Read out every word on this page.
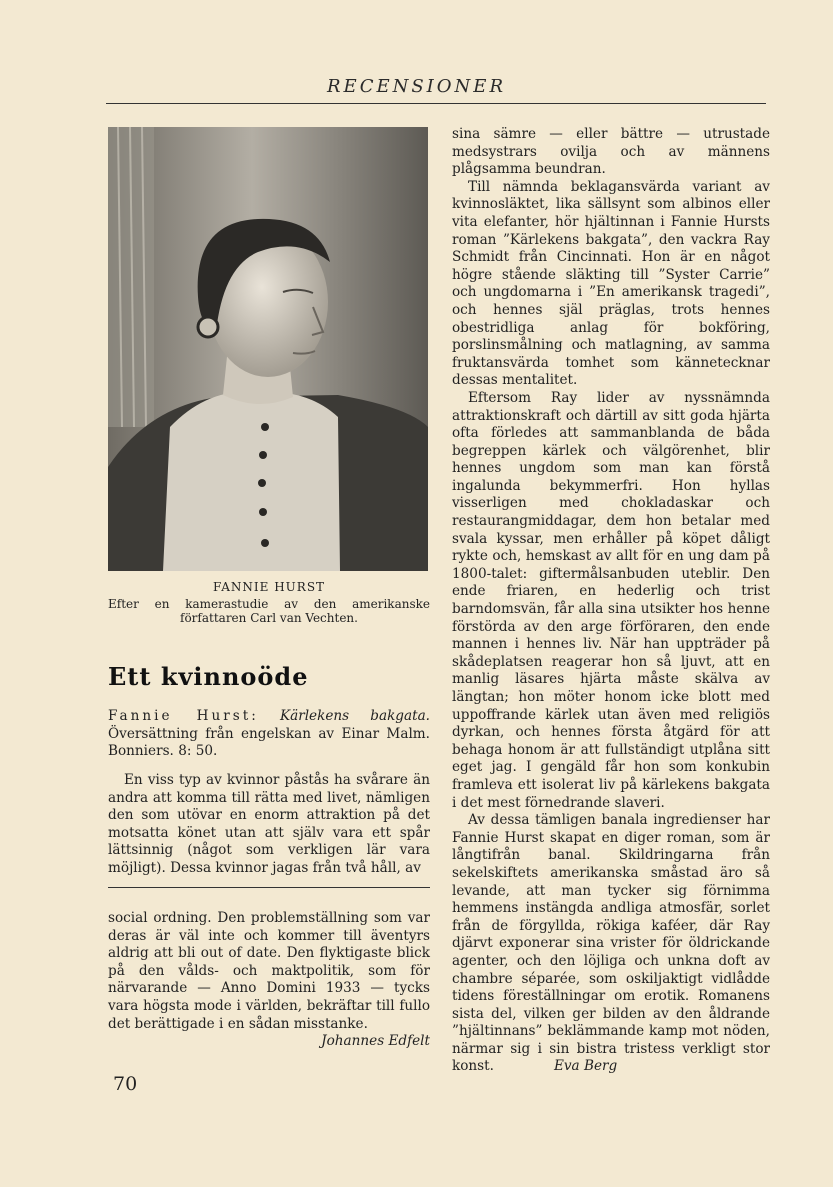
RECENSIONER
FANNIE HURST
Efter en kamerastudie av den amerikanske författaren Carl van Vechten.
Ett kvinnoöde
Fannie Hurst: Kärlekens bakgata. Översättning från engelskan av Einar Malm. Bonniers. 8: 50.

En viss typ av kvinnor påstås ha svårare än andra att komma till rätta med livet, nämligen den som utövar en enorm attraktion på det motsatta könet utan att själv vara ett spår lättsinnig (något som verkligen lär vara möjligt). Dessa kvinnor jagas från två håll, av

social ordning. Den problemställning som var deras är väl inte och kommer till äventyrs aldrig att bli out of date. Den flyktigaste blick på den vålds- och maktpolitik, som för närvarande — Anno Domini 1933 — tycks vara högsta mode i världen, bekräftar till fullo det berättigade i en sådan misstanke.

Johannes Edfelt

sina sämre — eller bättre — utrustade medsystrars ovilja och av männens plågsamma beundran.

Till nämnda beklagansvärda variant av kvinnosläktet, lika sällsynt som albinos eller vita elefanter, hör hjältinnan i Fannie Hursts roman ”Kärlekens bakgata”, den vackra Ray Schmidt från Cincinnati. Hon är en något högre stående släkting till ”Syster Carrie” och ungdomarna i ”En amerikansk tragedi”, och hennes själ präglas, trots hennes obestridliga anlag för bokföring, porslinsmålning och matlagning, av samma fruktansvärda tomhet som kännetecknar dessas mentalitet.

Eftersom Ray lider av nyssnämnda attraktionskraft och därtill av sitt goda hjärta ofta förledes att sammanblanda de båda begreppen kärlek och välgörenhet, blir hennes ungdom som man kan förstå ingalunda bekymmerfri. Hon hyllas visserligen med chokladaskar och restaurangmiddagar, dem hon betalar med svala kyssar, men erhåller på köpet dåligt rykte och, hemskast av allt för en ung dam på 1800-talet: giftermålsanbuden uteblir. Den ende friaren, en hederlig och trist barndomsvän, får alla sina utsikter hos henne förstörda av den arge förföraren, den ende mannen i hennes liv. När han uppträder på skådeplatsen reagerar hon så ljuvt, att en manlig läsares hjärta måste skälva av längtan; hon möter honom icke blott med uppoffrande kärlek utan även med religiös dyrkan, och hennes första åtgärd för att behaga honom är att fullständigt utplåna sitt eget jag. I gengäld får hon som konkubin framleva ett isolerat liv på kärlekens bakgata i det mest förnedrande slaveri.

Av dessa tämligen banala ingredienser har Fannie Hurst skapat en diger roman, som är långtifrån banal. Skildringarna från sekelskiftets amerikanska småstad äro så levande, att man tycker sig förnimma hemmens instängda andliga atmosfär, sorlet från de förgyllda, rökiga kaféer, där Ray djärvt exponerar sina vrister för öldrickande agenter, och den löjliga och unkna doft av chambre séparée, som oskiljaktigt vidlådde tidens föreställningar om erotik. Romanens sista del, vilken ger bilden av den åldrande ”hjältinnans” beklämmande kamp mot nöden, närmar sig i sin bistra tristess verkligt stor konst.	Eva Berg

70
